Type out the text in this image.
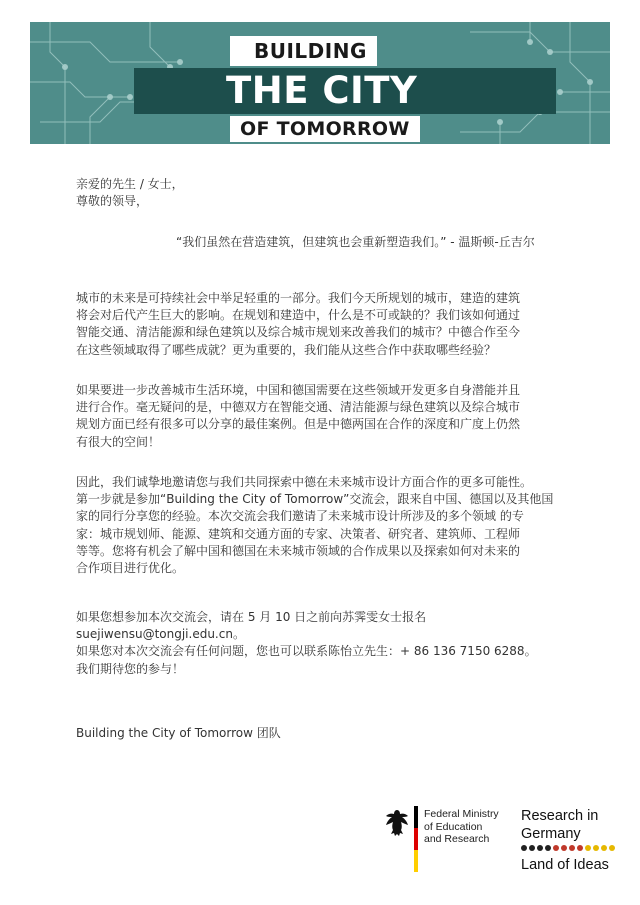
BUILDING
THE CITY
OF TOMORROW
亲爱的先生 / 女士，
尊敬的领导，
“我们虽然在营造建筑，但建筑也会重新塑造我们。” - 温斯顿-丘吉尔
城市的未来是可持续社会中举足轻重的一部分。我们今天所规划的城市，建造的建筑
将会对后代产生巨大的影响。在规划和建造中，什么是不可或缺的？我们该如何通过
智能交通、清洁能源和绿色建筑以及综合城市规划来改善我们的城市？中德合作至今
在这些领域取得了哪些成就？更为重要的，我们能从这些合作中获取哪些经验？
如果要进一步改善城市生活环境，中国和德国需要在这些领域开发更多自身潜能并且
进行合作。毫无疑问的是，中德双方在智能交通、清洁能源与绿色建筑以及综合城市
规划方面已经有很多可以分享的最佳案例。但是中德两国在合作的深度和广度上仍然
有很大的空间！
因此，我们诚挚地邀请您与我们共同探索中德在未来城市设计方面合作的更多可能性。
第一步就是参加“Building the City of Tomorrow”交流会，跟来自中国、德国以及其他国
家的同行分享您的经验。本次交流会我们邀请了未来城市设计所涉及的多个领域 的专
家：城市规划师、能源、建筑和交通方面的专家、决策者、研究者、建筑师、工程师
等等。您将有机会了解中国和德国在未来城市领域的合作成果以及探索如何对未来的
合作项目进行优化。
如果您想参加本次交流会，请在 5 月 10 日之前向苏霁雯女士报名
suejiwensu@tongji.edu.cn。
如果您对本次交流会有任何问题，您也可以联系陈怡立先生：+ 86 136 7150 6288。
我们期待您的参与！
Building the City of Tomorrow 团队
Federal Ministry
of Education
and Research
Research in
Germany
Land of Ideas
